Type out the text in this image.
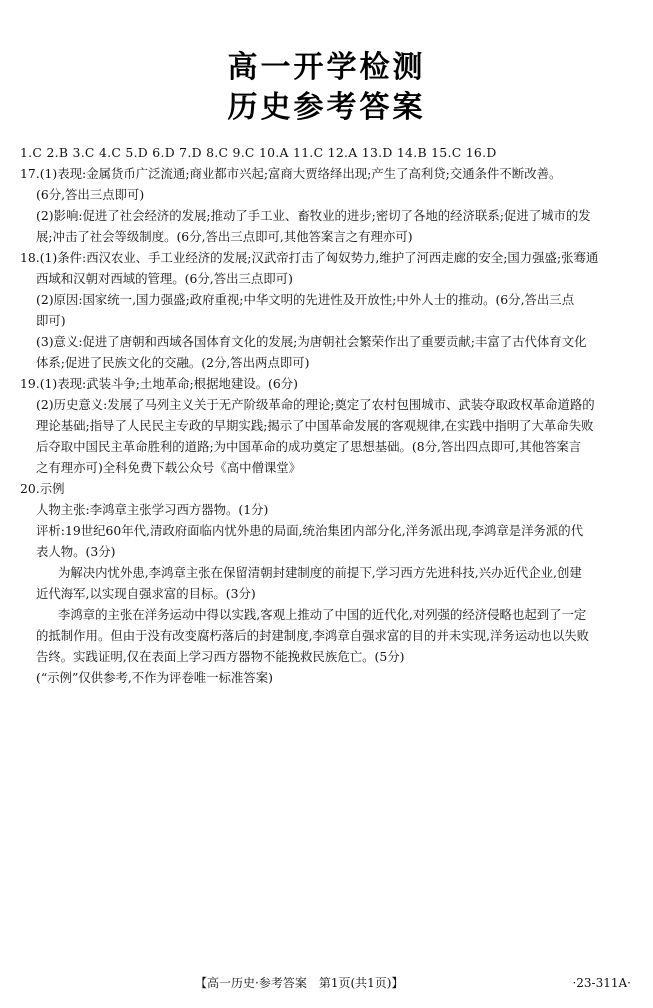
高一开学检测
历史参考答案
1.C 2.B 3.C 4.C 5.D 6.D 7.D 8.C 9.C 10.A 11.C 12.A 13.D 14.B 15.C 16.D
17.(1)表现:金属货币广泛流通;商业都市兴起;富商大贾络绎出现;产生了高利贷;交通条件不断改善。
(6分,答出三点即可)
(2)影响:促进了社会经济的发展;推动了手工业、畜牧业的进步;密切了各地的经济联系;促进了城市的发
展;冲击了社会等级制度。(6分,答出三点即可,其他答案言之有理亦可)
18.(1)条件:西汉农业、手工业经济的发展;汉武帝打击了匈奴势力,维护了河西走廊的安全;国力强盛;张骞通
西域和汉朝对西域的管理。(6分,答出三点即可)
(2)原因:国家统一,国力强盛;政府重视;中华文明的先进性及开放性;中外人士的推动。(6分,答出三点
即可)
(3)意义:促进了唐朝和西域各国体育文化的发展;为唐朝社会繁荣作出了重要贡献;丰富了古代体育文化
体系;促进了民族文化的交融。(2分,答出两点即可)
19.(1)表现:武装斗争;土地革命;根据地建设。(6分)
(2)历史意义:发展了马列主义关于无产阶级革命的理论;奠定了农村包围城市、武装夺取政权革命道路的
理论基础;指导了人民民主专政的早期实践;揭示了中国革命发展的客观规律,在实践中指明了大革命失败
后夺取中国民主革命胜利的道路;为中国革命的成功奠定了思想基础。(8分,答出四点即可,其他答案言
之有理亦可)全科免费下载公众号《高中僧课堂》
20.示例
人物主张:李鸿章主张学习西方器物。(1分)
评析:19世纪60年代,清政府面临内忧外患的局面,统治集团内部分化,洋务派出现,李鸿章是洋务派的代
表人物。(3分)
为解决内忧外患,李鸿章主张在保留清朝封建制度的前提下,学习西方先进科技,兴办近代企业,创建
近代海军,以实现自强求富的目标。(3分)
李鸿章的主张在洋务运动中得以实践,客观上推动了中国的近代化,对列强的经济侵略也起到了一定
的抵制作用。但由于没有改变腐朽落后的封建制度,李鸿章自强求富的目的并未实现,洋务运动也以失败
告终。实践证明,仅在表面上学习西方器物不能挽救民族危亡。(5分)
(“示例”仅供参考,不作为评卷唯一标准答案)
【高一历史·参考答案　第1页(共1页)】	·23-311A·
